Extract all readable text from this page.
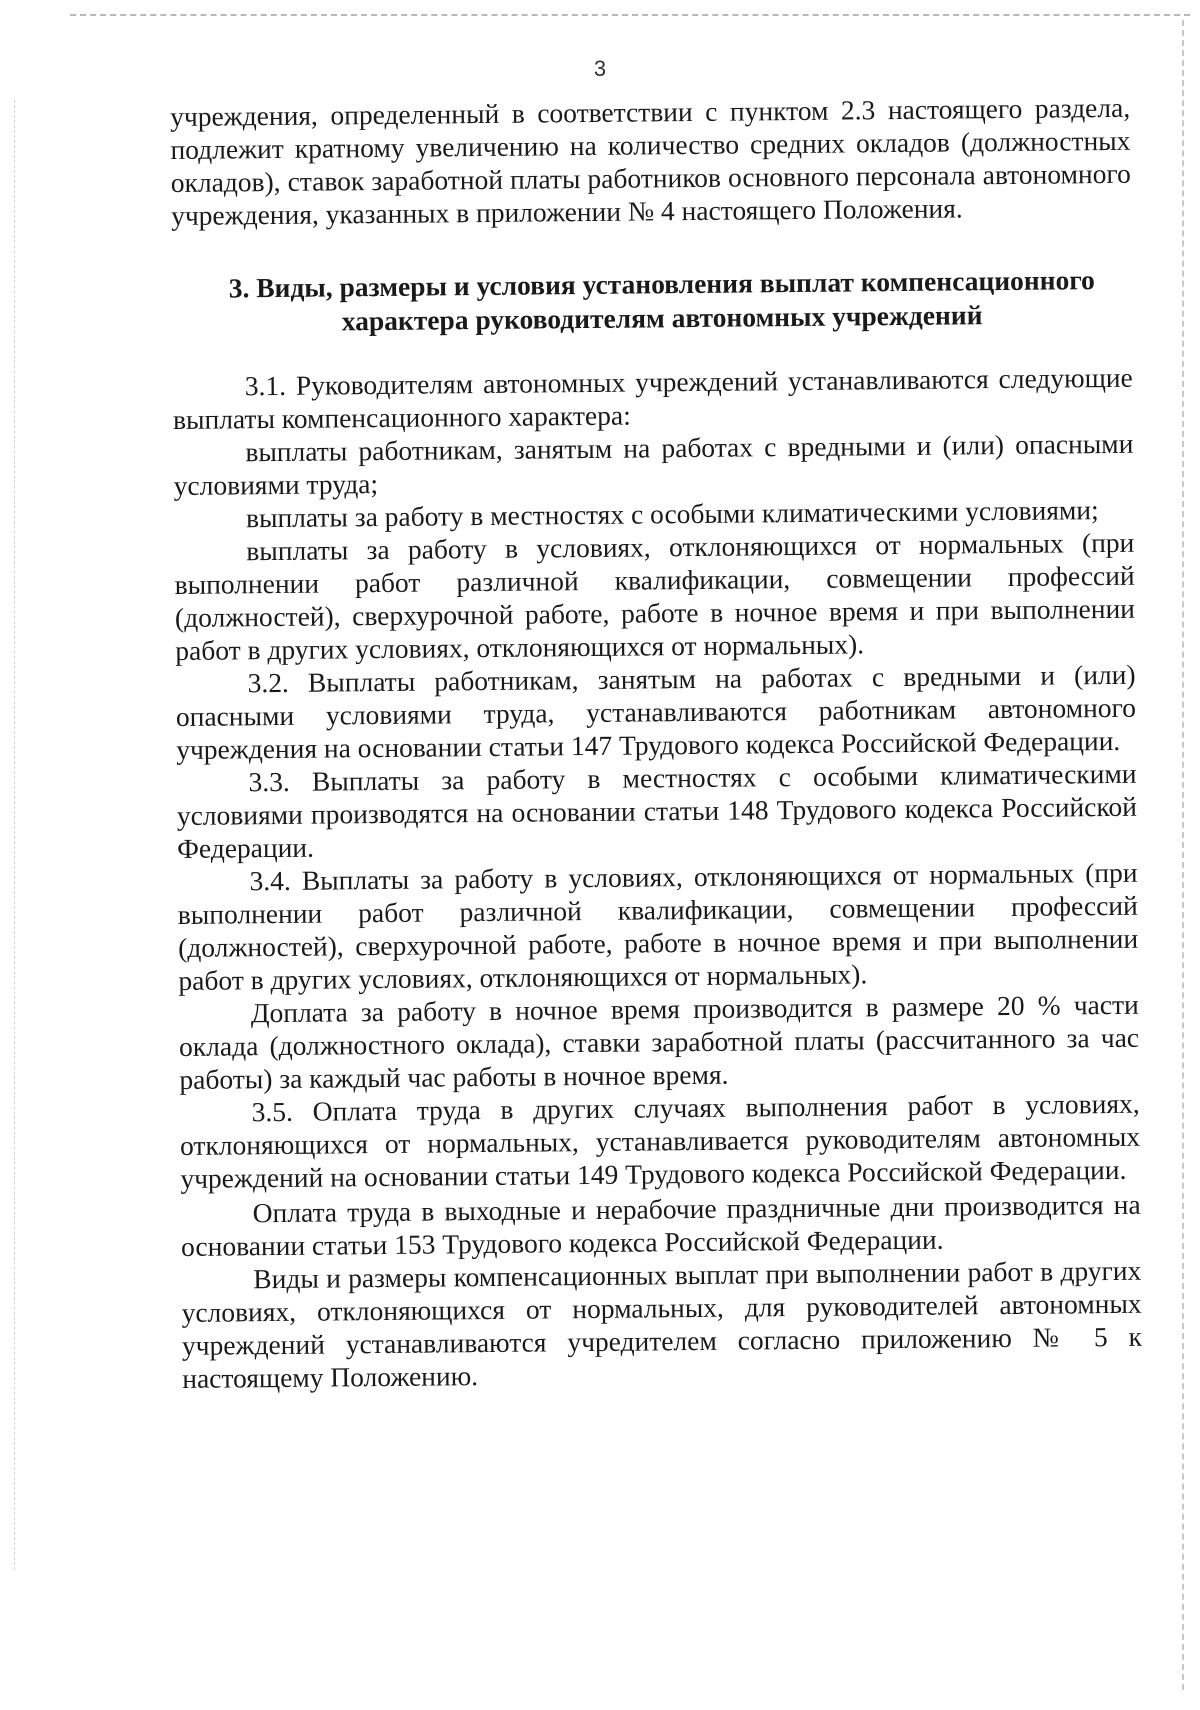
3

учреждения, определенный в соответствии с пунктом 2.3 настоящего раздела, подлежит кратному увеличению на количество средних окладов (должностных окладов), ставок заработной платы работников основного персонала автономного учреждения, указанных в приложении № 4 настоящего Положения.

3. Виды, размеры и условия установления выплат компенсационного характера руководителям автономных учреждений

3.1. Руководителям автономных учреждений устанавливаются следующие выплаты компенсационного характера:

выплаты работникам, занятым на работах с вредными и (или) опасными условиями труда;

выплаты за работу в местностях с особыми климатическими условиями;

выплаты за работу в условиях, отклоняющихся от нормальных (при выполнении работ различной квалификации, совмещении профессий (должностей), сверхурочной работе, работе в ночное время и при выполнении работ в других условиях, отклоняющихся от нормальных).

3.2. Выплаты работникам, занятым на работах с вредными и (или) опасными условиями труда, устанавливаются работникам автономного учреждения на основании статьи 147 Трудового кодекса Российской Федерации.

3.3. Выплаты за работу в местностях с особыми климатическими условиями производятся на основании статьи 148 Трудового кодекса Российской Федерации.

3.4. Выплаты за работу в условиях, отклоняющихся от нормальных (при выполнении работ различной квалификации, совмещении профессий (должностей), сверхурочной работе, работе в ночное время и при выполнении работ в других условиях, отклоняющихся от нормальных).

Доплата за работу в ночное время производится в размере 20 % части оклада (должностного оклада), ставки заработной платы (рассчитанного за час работы) за каждый час работы в ночное время.

3.5. Оплата труда в других случаях выполнения работ в условиях, отклоняющихся от нормальных, устанавливается руководителям автономных учреждений на основании статьи 149 Трудового кодекса Российской Федерации.

Оплата труда в выходные и нерабочие праздничные дни производится на основании статьи 153 Трудового кодекса Российской Федерации.

Виды и размеры компенсационных выплат при выполнении работ в других условиях, отклоняющихся от нормальных, для руководителей автономных учреждений устанавливаются учредителем согласно приложению № 5 к настоящему Положению.
